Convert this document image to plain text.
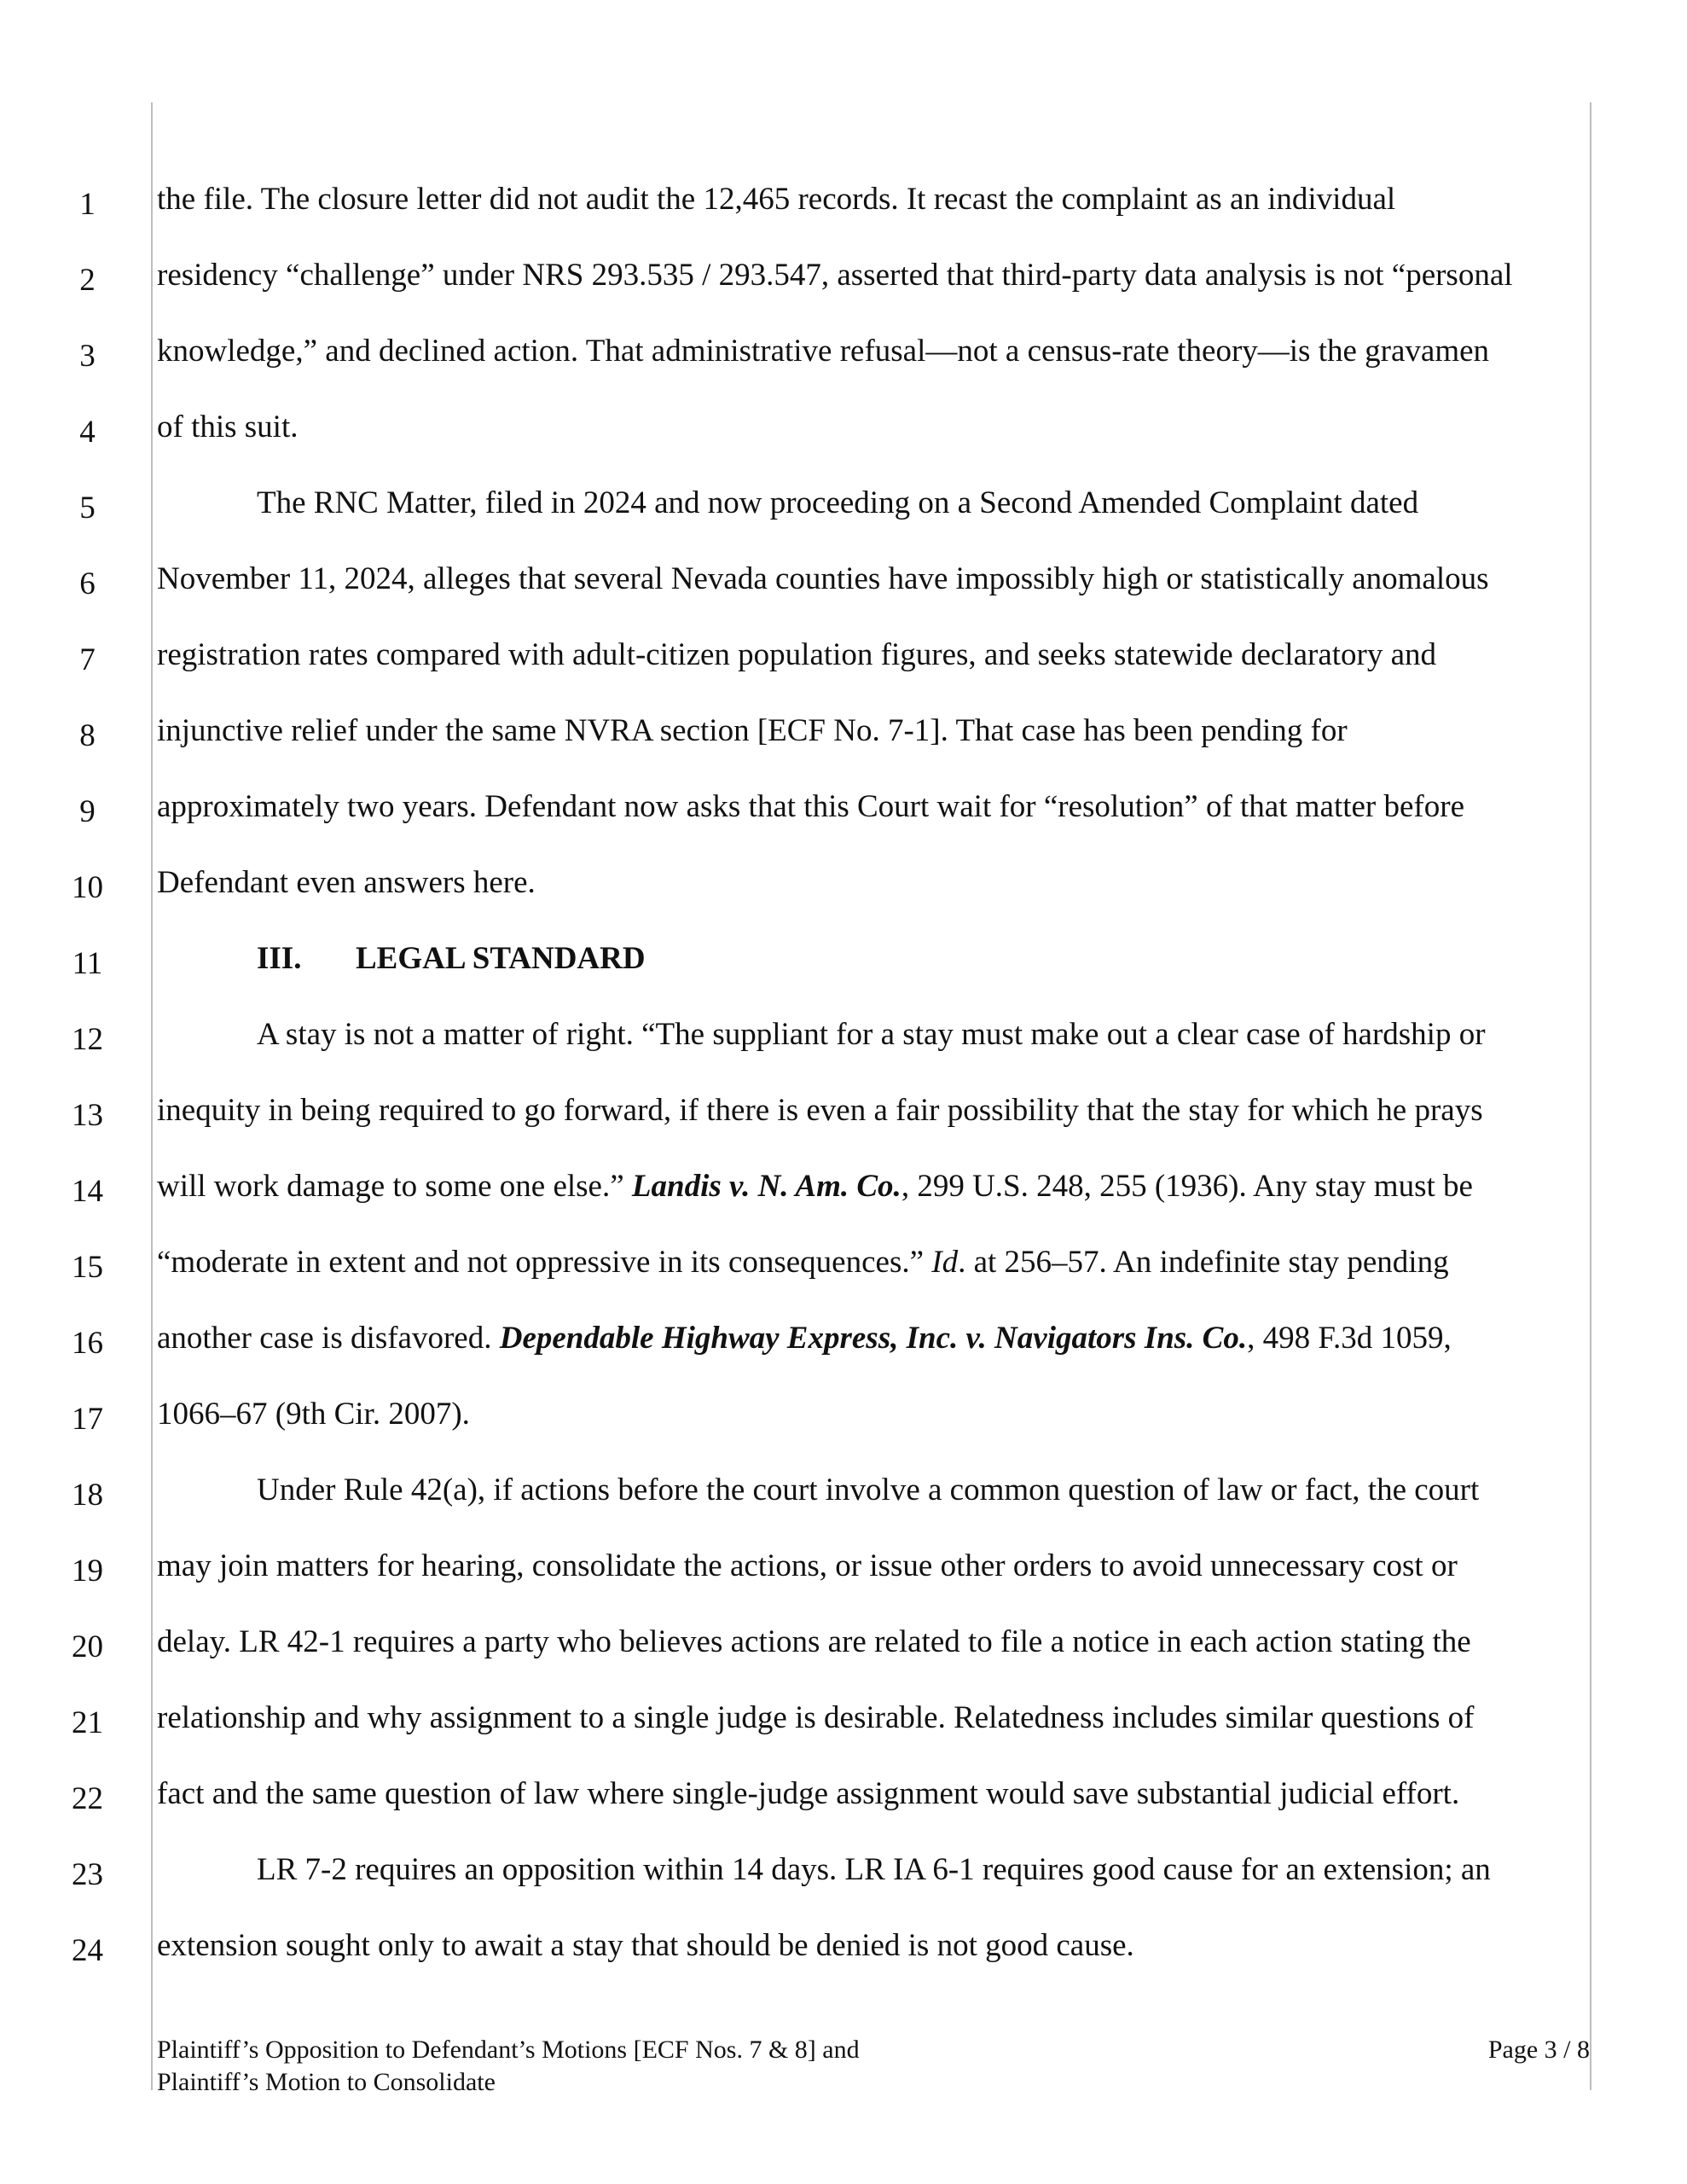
1
2
3
4
5
6
7
8
9
10
11
12
13
14
15
16
17
18
19
20
21
22
23
24
the file. The closure letter did not audit the 12,465 records. It recast the complaint as an individual
residency “challenge” under NRS 293.535 / 293.547, asserted that third-party data analysis is not “personal
knowledge,” and declined action. That administrative refusal—not a census-rate theory—is the gravamen
of this suit.
The RNC Matter, filed in 2024 and now proceeding on a Second Amended Complaint dated
November 11, 2024, alleges that several Nevada counties have impossibly high or statistically anomalous
registration rates compared with adult-citizen population figures, and seeks statewide declaratory and
injunctive relief under the same NVRA section [ECF No. 7-1]. That case has been pending for
approximately two years. Defendant now asks that this Court wait for “resolution” of that matter before
Defendant even answers here.
III. LEGAL STANDARD
A stay is not a matter of right. “The suppliant for a stay must make out a clear case of hardship or
inequity in being required to go forward, if there is even a fair possibility that the stay for which he prays
will work damage to some one else.” Landis v. N. Am. Co., 299 U.S. 248, 255 (1936). Any stay must be
“moderate in extent and not oppressive in its consequences.” Id. at 256–57. An indefinite stay pending
another case is disfavored. Dependable Highway Express, Inc. v. Navigators Ins. Co., 498 F.3d 1059,
1066–67 (9th Cir. 2007).
Under Rule 42(a), if actions before the court involve a common question of law or fact, the court
may join matters for hearing, consolidate the actions, or issue other orders to avoid unnecessary cost or
delay. LR 42-1 requires a party who believes actions are related to file a notice in each action stating the
relationship and why assignment to a single judge is desirable. Relatedness includes similar questions of
fact and the same question of law where single-judge assignment would save substantial judicial effort.
LR 7-2 requires an opposition within 14 days. LR IA 6-1 requires good cause for an extension; an
extension sought only to await a stay that should be denied is not good cause.
Plaintiff’s Opposition to Defendant’s Motions [ECF Nos. 7 & 8] and
Plaintiff’s Motion to Consolidate
Page 3 / 8
